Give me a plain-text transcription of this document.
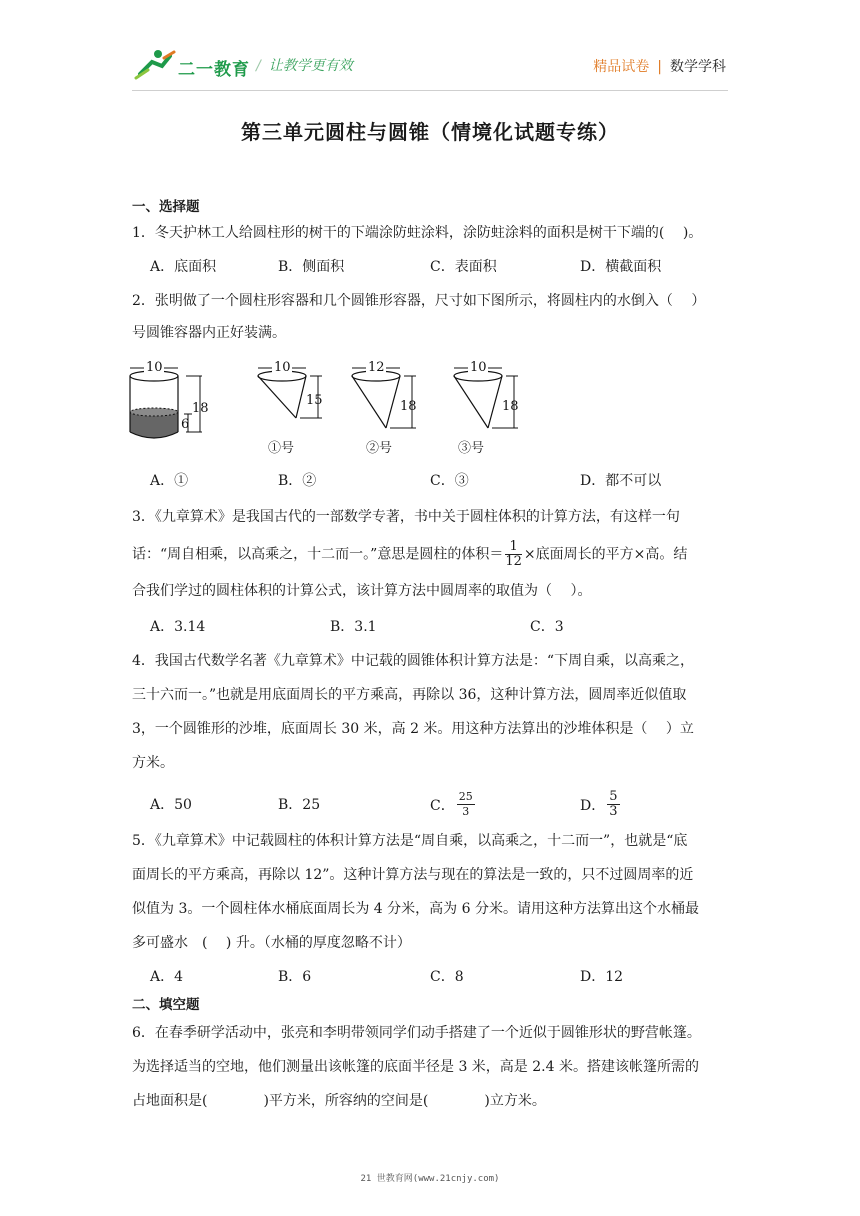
二一教育 / 让教学更有效	精品试卷 | 数学学科
第三单元圆柱与圆锥（情境化试题专练）
一、选择题
1．冬天护林工人给圆柱形的树干的下端涂防蛀涂料，涂防蛀涂料的面积是树干下端的(　 )。
A．底面积	B．侧面积	C．表面积	D．横截面积
2．张明做了一个圆柱形容器和几个圆锥形容器，尺寸如下图所示，将圆柱内的水倒入（　 ）
号圆锥容器内正好装满。
10
18
6
10
15
①号
12
18
②号
10
18
③号
A．①	B．②	C．③	D．都不可以
3．《九章算术》是我国古代的一部数学专著，书中关于圆柱体积的计算方法，有这样一句
话：“周自相乘，以高乘之，十二而一。”意思是圆柱的体积＝ $\frac{1}{12}$ ×底面周长的平方×高。结
合我们学过的圆柱体积的计算公式，该计算方法中圆周率的取值为（　 ）。
A．3.14	B．3.1	C．3
4．我国古代数学名著《九章算术》中记载的圆锥体积计算方法是：“下周自乘，以高乘之，
三十六而一。”也就是用底面周长的平方乘高，再除以 36，这种计算方法，圆周率近似值取
3，一个圆锥形的沙堆，底面周长 30 米，高 2 米。用这种方法算出的沙堆体积是（　 ）立
方米。
A．50	B．25	C． $\frac{25}{3}$	D． $\frac{5}{3}$
5．《九章算术》中记载圆柱的体积计算方法是“周自乘，以高乘之，十二而一”，也就是“底
面周长的平方乘高，再除以 12”。这种计算方法与现在的算法是一致的，只不过圆周率的近
似值为 3。一个圆柱体水桶底面周长为 4 分米，高为 6 分米。请用这种方法算出这个水桶最
多可盛水　(　 ) 升。（水桶的厚度忽略不计）
A．4	B．6	C．8	D．12
二、填空题
6．在春季研学活动中，张亮和李明带领同学们动手搭建了一个近似于圆锥形状的野营帐篷。
为选择适当的空地，他们测量出该帐篷的底面半径是 3 米，高是 2.4 米。搭建该帐篷所需的
占地面积是(　　　　)平方米，所容纳的空间是(　　　　)立方米。
21 世教育网(www.21cnjy.com)
